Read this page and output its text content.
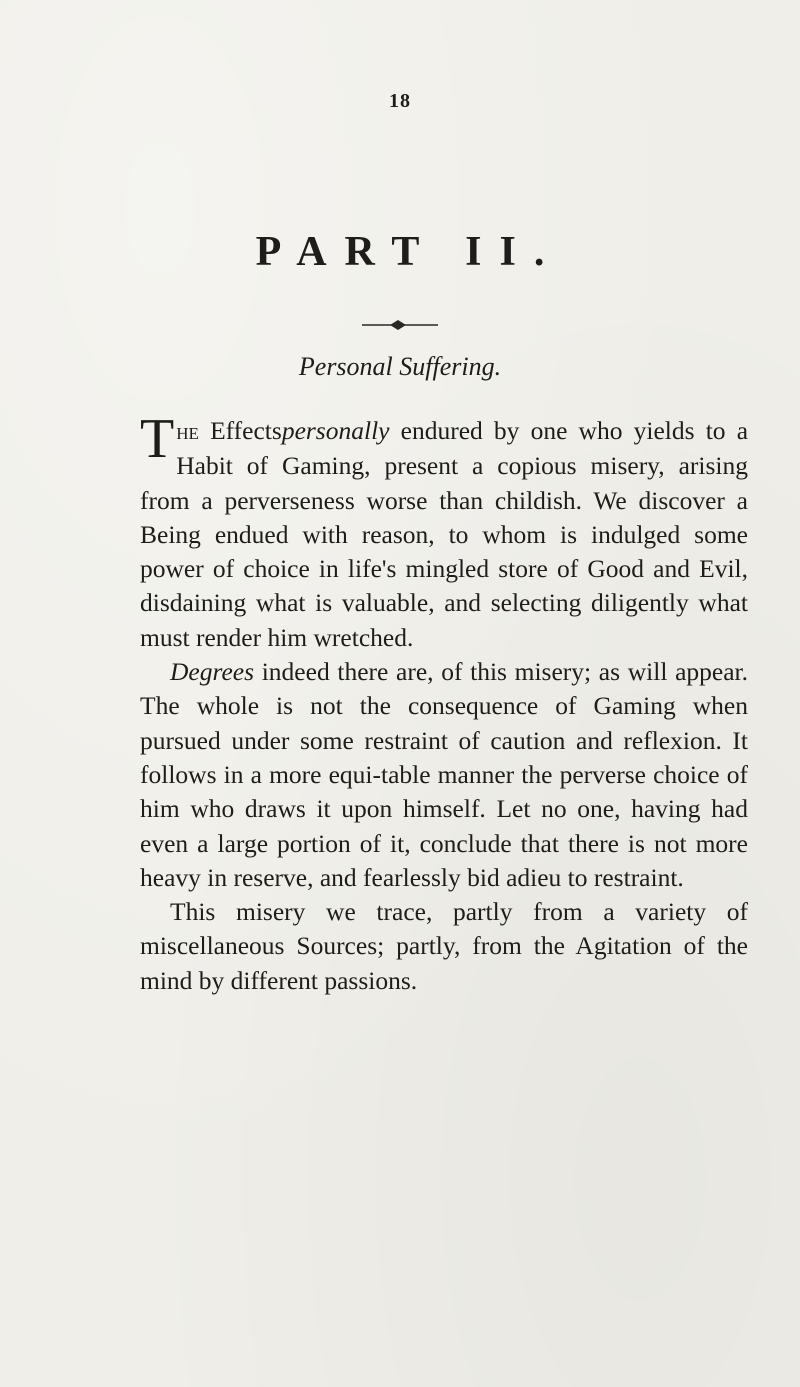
18
PART II.
Personal Suffering.

The Effectspersonally endured by one who yields to a Habit of Gaming, present a copious misery, arising from a perverseness worse than childish. We discover a Being endued with reason, to whom is indulged some power of choice in life's mingled store of Good and Evil, disdaining what is valuable, and selecting diligently what must render him wretched.

Degrees indeed there are, of this misery; as will appear. The whole is not the consequence of Gaming when pursued under some restraint of caution and reflexion. It follows in a more equi-table manner the perverse choice of him who draws it upon himself. Let no one, having had even a large portion of it, conclude that there is not more heavy in reserve, and fearlessly bid adieu to restraint.

This misery we trace, partly from a variety of miscellaneous Sources; partly, from the Agitation of the mind by different passions.
